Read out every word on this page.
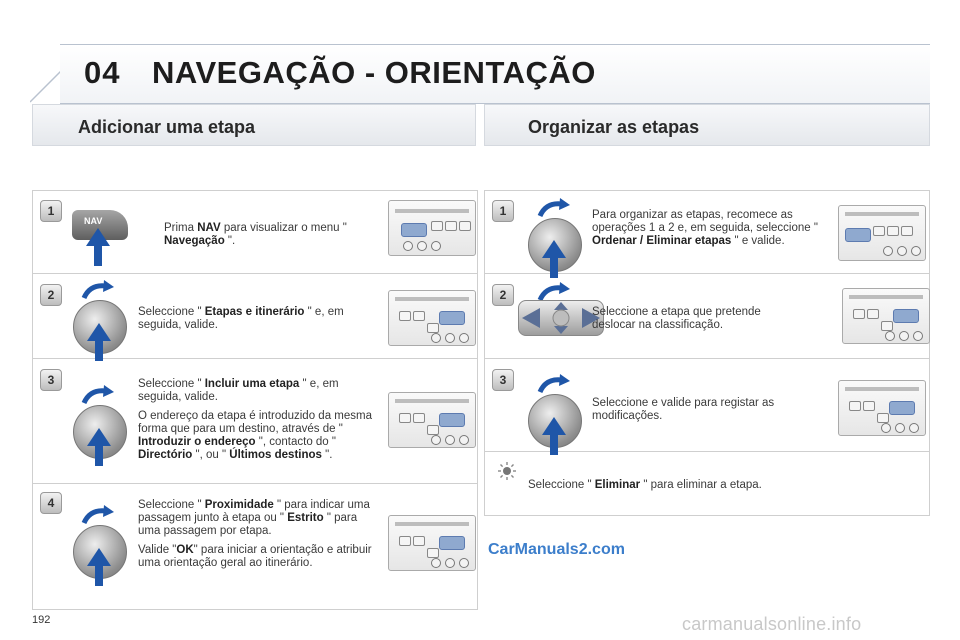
04 NAVEGAÇÃO - ORIENTAÇÃO
Adicionar uma etapa	Organizar as etapas
1
2
3
4
1
2
3
NAV
Prima NAV para visualizar o menu " Navegação ".
Seleccione " Etapas e itinerário " e, em seguida, valide.
Seleccione " Incluir uma etapa " e, em seguida, valide.
O endereço da etapa é introduzido da mesma forma que para um destino, através de " Introduzir o endereço ", contacto do " Directório ", ou " Últimos destinos ".
Seleccione " Proximidade " para indicar uma passagem junto à etapa ou " Estrito " para uma passagem por etapa.
Valide "OK" para iniciar a orientação e atribuir uma orientação geral ao itinerário.
Para organizar as etapas, recomece as operações 1 a 2 e, em seguida, seleccione " Ordenar / Eliminar etapas " e valide.
Seleccione a etapa que pretende deslocar na classificação.
Seleccione e valide para registar as modificações.
Seleccione " Eliminar " para eliminar a etapa.
192
CarManuals2.com
carmanualsonline.info
